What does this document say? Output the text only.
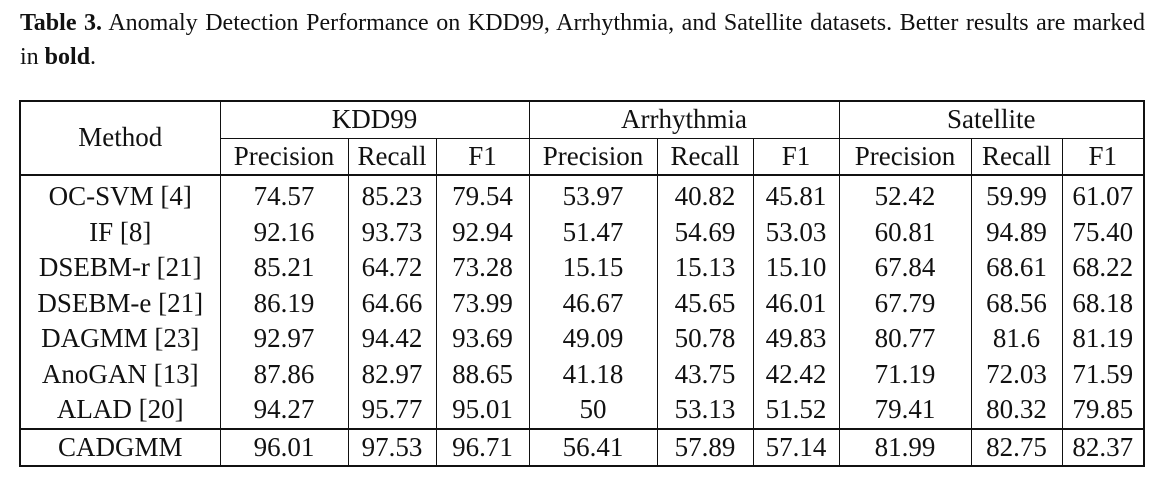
Table 3. Anomaly Detection Performance on KDD99, Arrhythmia, and Satellite datasets. Better results are marked in bold.
Method	KDD99			Arrhythmia			Satellite		
	Precision	Recall	F1	Precision	Recall	F1	Precision	Recall	F1
OC-SVM [4]	74.57	85.23	79.54	53.97	40.82	45.81	52.42	59.99	61.07
IF [8]	92.16	93.73	92.94	51.47	54.69	53.03	60.81	94.89	75.40
DSEBM-r [21]	85.21	64.72	73.28	15.15	15.13	15.10	67.84	68.61	68.22
DSEBM-e [21]	86.19	64.66	73.99	46.67	45.65	46.01	67.79	68.56	68.18
DAGMM [23]	92.97	94.42	93.69	49.09	50.78	49.83	80.77	81.6	81.19
AnoGAN [13]	87.86	82.97	88.65	41.18	43.75	42.42	71.19	72.03	71.59
ALAD [20]	94.27	95.77	95.01	50	53.13	51.52	79.41	80.32	79.85
CADGMM	96.01	97.53	96.71	56.41	57.89	57.14	81.99	82.75	82.37
